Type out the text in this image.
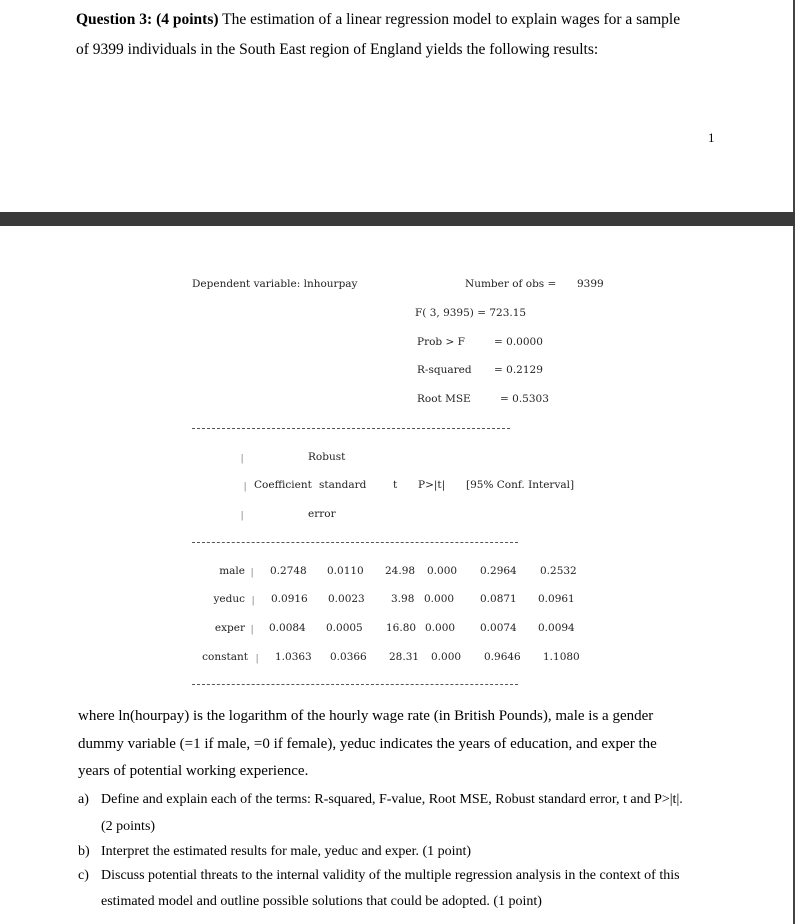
Question 3: (4 points) The estimation of a linear regression model to explain wages for a sample
of 9399 individuals in the South East region of England yields the following results:
1
Dependent variable: lnhourpay	Number of obs = 9399
F( 3, 9395) = 723.15
Prob > F	= 0.0000
R-squared = 0.2129
Root MSE	= 0.5303
|	Robust
| Coefficient standard	t P>|t| [95% Conf. Interval]
|	error
male | 0.2748 0.0110 24.98 0.000 0.2964 0.2532
yeduc | 0.0916 0.0023	3.98 0.000 0.0871 0.0961
exper | 0.0084 0.0005 16.80 0.000 0.0074 0.0094
constant | 1.0363 0.0366 28.31 0.000 0.9646 1.1080
where ln(hourpay) is the logarithm of the hourly wage rate (in British Pounds), male is a gender
dummy variable (=1 if male, =0 if female), yeduc indicates the years of education, and exper the
years of potential working experience.
a) Define and explain each of the terms: R-squared, F-value, Root MSE, Robust standard error, t and P>|t|.
(2 points)
b) Interpret the estimated results for male, yeduc and exper. (1 point)
c) Discuss potential threats to the internal validity of the multiple regression analysis in the context of this
estimated model and outline possible solutions that could be adopted. (1 point)
